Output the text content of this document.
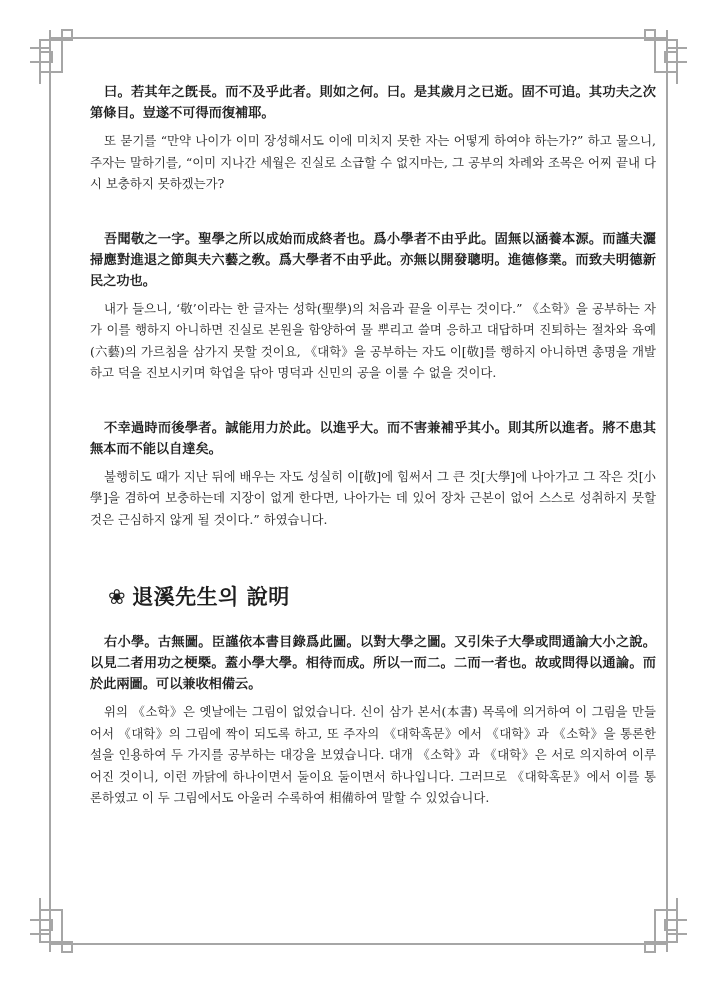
曰。若其年之旣長。而不及乎此者。則如之何。曰。是其歲月之已逝。固不可追。其功夫之次第條目。豈遂不可得而復補耶。

또 묻기를 “만약 나이가 이미 장성해서도 이에 미치지 못한 자는 어떻게 하여야 하는가?” 하고 물으니, 주자는 말하기를, “이미 지나간 세월은 진실로 소급할 수 없지마는, 그 공부의 차례와 조목은 어찌 끝내 다시 보충하지 못하겠는가?

吾聞敬之一字。聖學之所以成始而成終者也。爲小學者不由乎此。固無以涵養本源。而謹夫灑掃應對進退之節與夫六藝之敎。爲大學者不由乎此。亦無以開發聰明。進德修業。而致夫明德新民之功也。

내가 들으니, ‘敬’이라는 한 글자는 성학(聖學)의 처음과 끝을 이루는 것이다.” 《소학》을 공부하는 자가 이를 행하지 아니하면 진실로 본원을 함양하여 물 뿌리고 쓸며 응하고 대답하며 진퇴하는 절차와 육예(六藝)의 가르침을 삼가지 못할 것이요, 《대학》을 공부하는 자도 이[敬]를 행하지 아니하면 총명을 개발하고 덕을 진보시키며 학업을 닦아 명덕과 신민의 공을 이룰 수 없을 것이다.

不幸過時而後學者。誠能用力於此。以進乎大。而不害兼補乎其小。則其所以進者。將不患其無本而不能以自達矣。

불행히도 때가 지난 뒤에 배우는 자도 성실히 이[敬]에 힘써서 그 큰 것[大學]에 나아가고 그 작은 것[小學]을 겸하여 보충하는데 지장이 없게 한다면, 나아가는 데 있어 장차 근본이 없어 스스로 성취하지 못할 것은 근심하지 않게 될 것이다.” 하였습니다.

❀ 退溪先生의 說明

右小學。古無圖。臣謹依本書目錄爲此圖。以對大學之圖。又引朱子大學或問通論大小之說。以見二者用功之梗槩。蓋小學大學。相待而成。所以一而二。二而一者也。故或問得以通論。而於此兩圖。可以兼收相備云。

위의 《소학》은 옛날에는 그림이 없었습니다. 신이 삼가 본서(本書) 목록에 의거하여 이 그림을 만들어서 《대학》의 그림에 짝이 되도록 하고, 또 주자의 《대학혹문》에서 《대학》과 《소학》을 통론한 설을 인용하여 두 가지를 공부하는 대강을 보였습니다. 대개 《소학》과 《대학》은 서로 의지하여 이루어진 것이니, 이런 까닭에 하나이면서 둘이요 둘이면서 하나입니다. 그러므로 《대학혹문》에서 이를 통론하였고 이 두 그림에서도 아울러 수록하여 相備하여 말할 수 있었습니다.
